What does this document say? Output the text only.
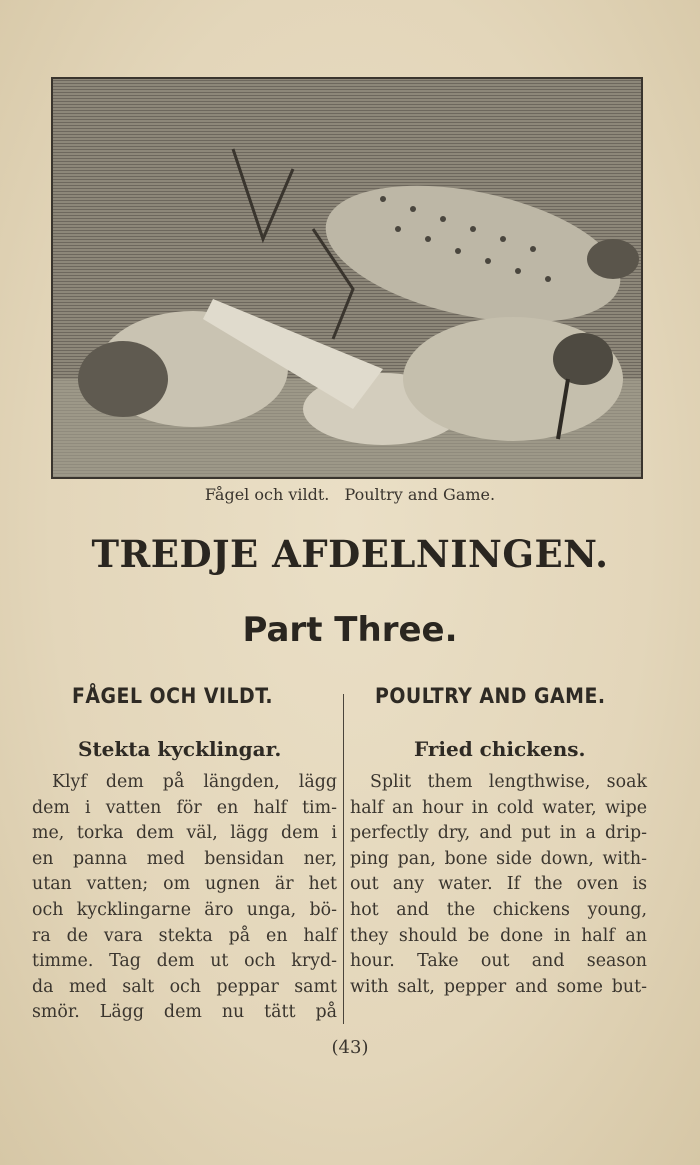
Fågel och vildt. Poultry and Game.
TREDJE AFDELNINGEN.
Part Three.
FÅGEL OCH VILDT.	POULTRY AND GAME.
Stekta kycklingar.	Fried chickens.
Klyf dem på längden, lägg
dem i vatten för en half tim-
me, torka dem väl, lägg dem i
en panna med bensidan ner,
utan vatten; om ugnen är het
och kycklingarne äro unga, bö-
ra de vara stekta på en half
timme. Tag dem ut och kryd-
da med salt och peppar samt
smör. Lägg dem nu tätt på
Split them lengthwise, soak
half an hour in cold water, wipe
perfectly dry, and put in a drip-
ping pan, bone side down, with-
out any water. If the oven is
hot and the chickens young,
they should be done in half an
hour. Take out and season
with salt, pepper and some but-
(43)
